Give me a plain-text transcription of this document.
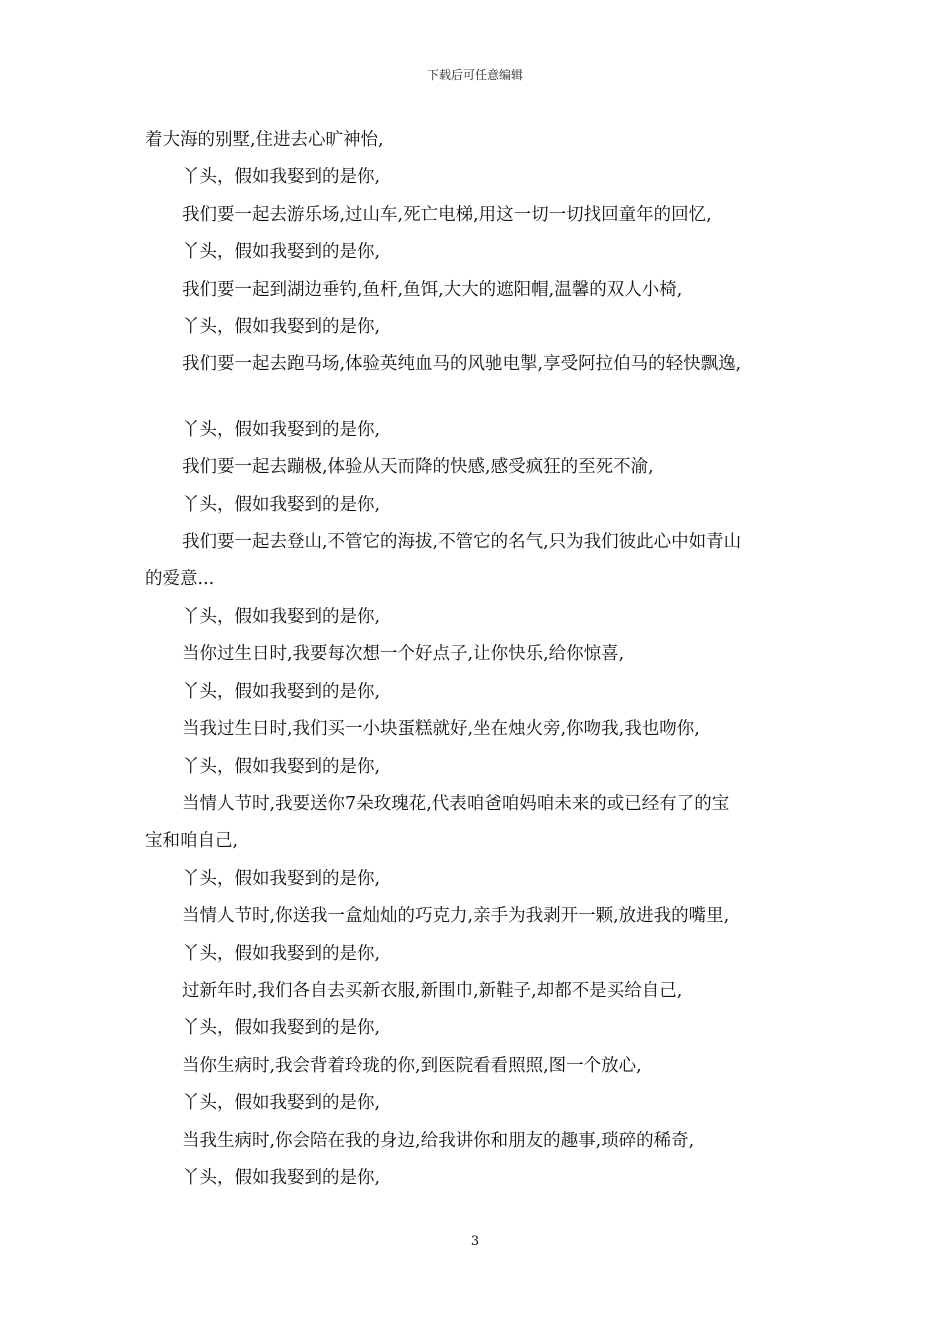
下载后可任意编辑

着大海的别墅,住进去心旷神怡,

丫头，假如我娶到的是你,

我们要一起去游乐场,过山车,死亡电梯,用这一切一切找回童年的回忆,

丫头，假如我娶到的是你,

我们要一起到湖边垂钓,鱼杆,鱼饵,大大的遮阳帽,温馨的双人小椅,

丫头，假如我娶到的是你,

我们要一起去跑马场,体验英纯血马的风驰电掣,享受阿拉伯马的轻快飘逸,

丫头，假如我娶到的是你,

我们要一起去蹦极,体验从天而降的快感,感受疯狂的至死不渝,

丫头，假如我娶到的是你,

我们要一起去登山,不管它的海拔,不管它的名气,只为我们彼此心中如青山

的爱意...

丫头，假如我娶到的是你,

当你过生日时,我要每次想一个好点子,让你快乐,给你惊喜,

丫头，假如我娶到的是你,

当我过生日时,我们买一小块蛋糕就好,坐在烛火旁,你吻我,我也吻你,

丫头，假如我娶到的是你,

当情人节时,我要送你7朵玫瑰花,代表咱爸咱妈咱未来的或已经有了的宝

宝和咱自己,

丫头，假如我娶到的是你,

当情人节时,你送我一盒灿灿的巧克力,亲手为我剥开一颗,放进我的嘴里,

丫头，假如我娶到的是你,

过新年时,我们各自去买新衣服,新围巾,新鞋子,却都不是买给自己,

丫头，假如我娶到的是你,

当你生病时,我会背着玲珑的你,到医院看看照照,图一个放心,

丫头，假如我娶到的是你,

当我生病时,你会陪在我的身边,给我讲你和朋友的趣事,琐碎的稀奇,

丫头，假如我娶到的是你,

3
